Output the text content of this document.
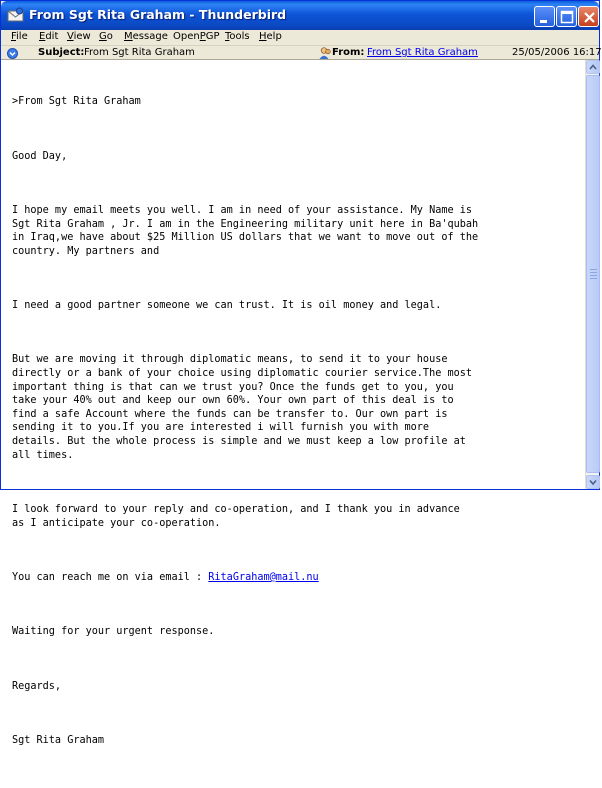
From Sgt Rita Graham - Thunderbird
File Edit View Go Message OpenPGP Tools Help
Subject: From Sgt Rita Graham	From: From Sgt Rita Graham	25/05/2006 16:17

>From Sgt Rita Graham

Good Day,

I hope my email meets you well. I am in need of your assistance. My Name is
Sgt Rita Graham , Jr. I am in the Engineering military unit here in Ba'qubah
in Iraq,we have about $25 Million US dollars that we want to move out of the
country. My partners and

I need a good partner someone we can trust. It is oil money and legal.

But we are moving it through diplomatic means, to send it to your house
directly or a bank of your choice using diplomatic courier service.The most
important thing is that can we trust you? Once the funds get to you, you
take your 40% out and keep our own 60%. Your own part of this deal is to
find a safe Account where the funds can be transfer to. Our own part is
sending it to you.If you are interested i will furnish you with more
details. But the whole process is simple and we must keep a low profile at
all times.

I look forward to your reply and co-operation, and I thank you in advance
as I anticipate your co-operation.

You can reach me on via email : RitaGraham@mail.nu

Waiting for your urgent response.

Regards,

Sgt Rita Graham
